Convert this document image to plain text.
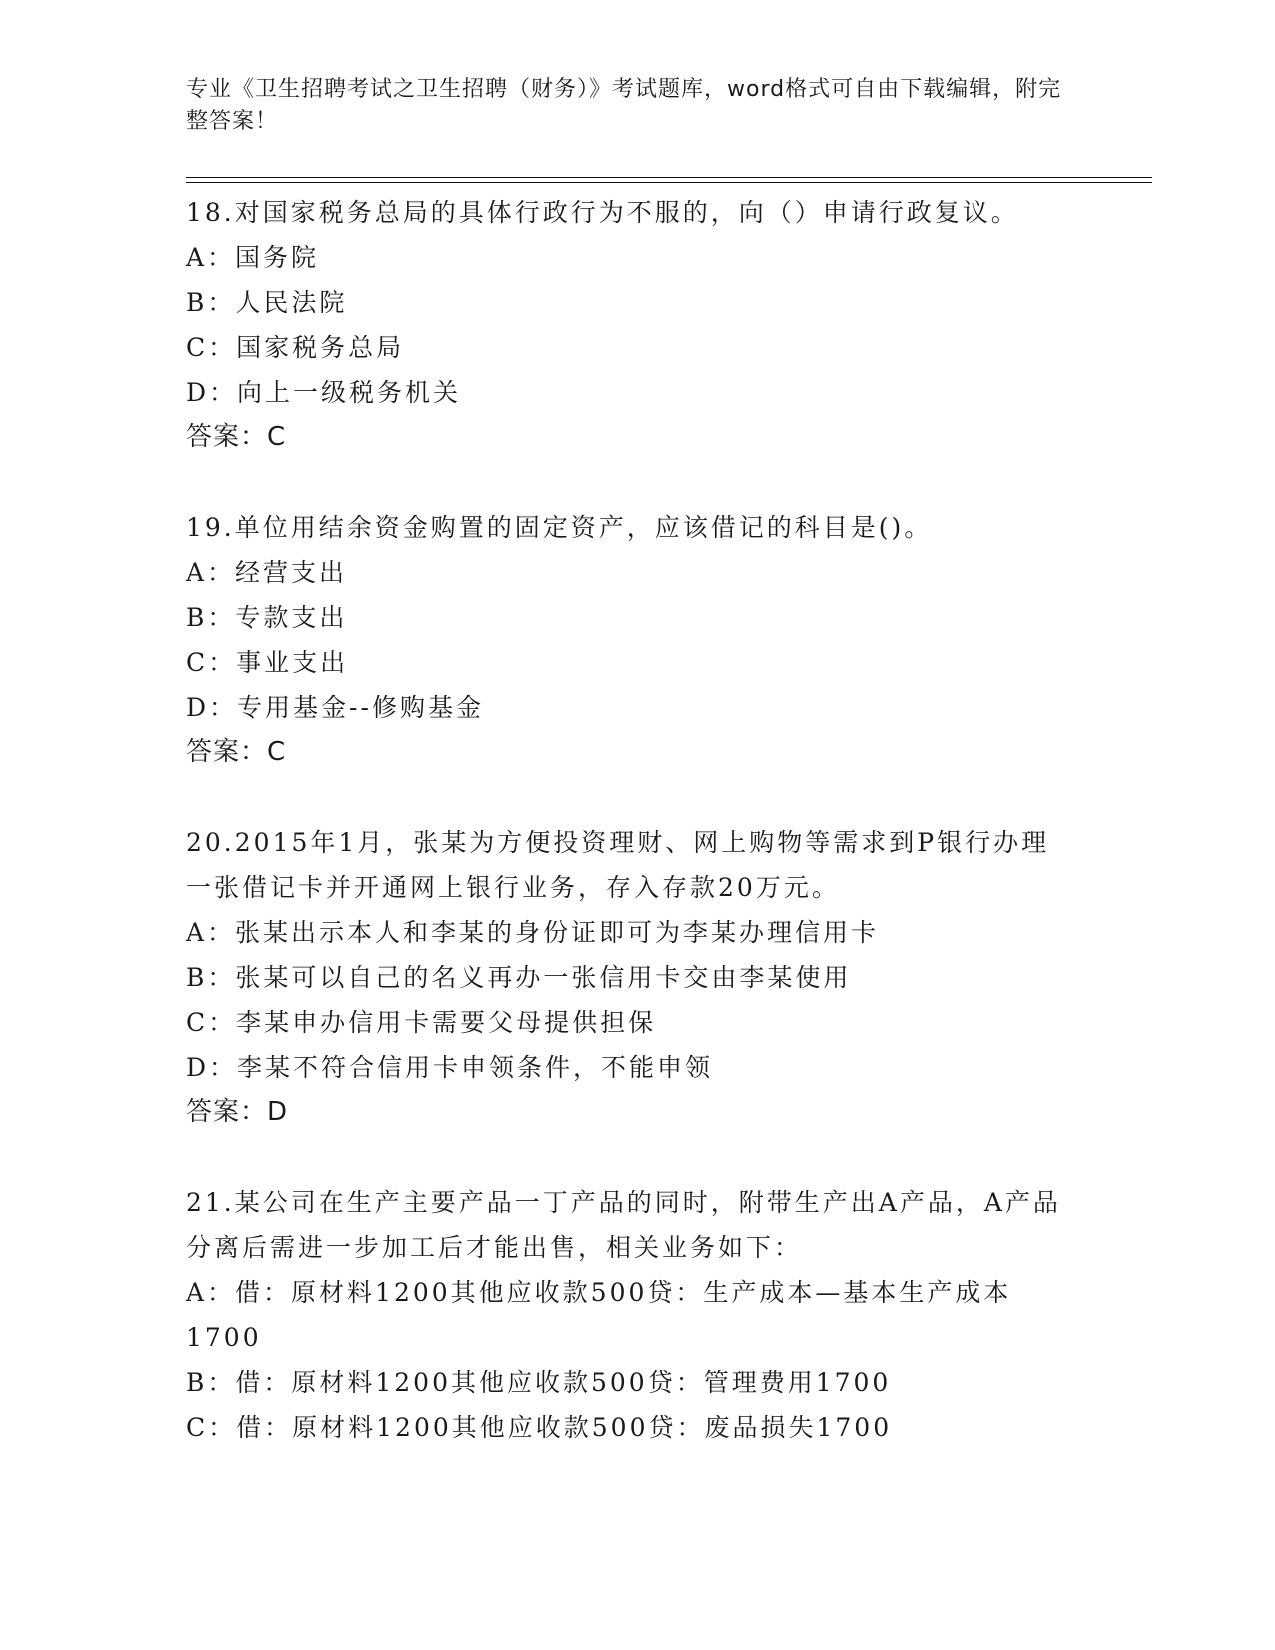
专业《卫生招聘考试之卫生招聘（财务）》考试题库，word格式可自由下载编辑，附完整答案！

18.对国家税务总局的具体行政行为不服的，向（）申请行政复议。

A：国务院

B：人民法院

C：国家税务总局

D：向上一级税务机关

答案：C

19.单位用结余资金购置的固定资产，应该借记的科目是()。

A：经营支出

B：专款支出

C：事业支出

D：专用基金--修购基金

答案：C

20.2015年1月，张某为方便投资理财、网上购物等需求到P银行办理一张借记卡并开通网上银行业务，存入存款20万元。

A：张某出示本人和李某的身份证即可为李某办理信用卡

B：张某可以自己的名义再办一张信用卡交由李某使用

C：李某申办信用卡需要父母提供担保

D：李某不符合信用卡申领条件，不能申领

答案：D

21.某公司在生产主要产品一丁产品的同时，附带生产出A产品，A产品分离后需进一步加工后才能出售，相关业务如下：

A：借：原材料1200其他应收款500贷：生产成本—基本生产成本1700

B：借：原材料1200其他应收款500贷：管理费用1700

C：借：原材料1200其他应收款500贷：废品损失1700
